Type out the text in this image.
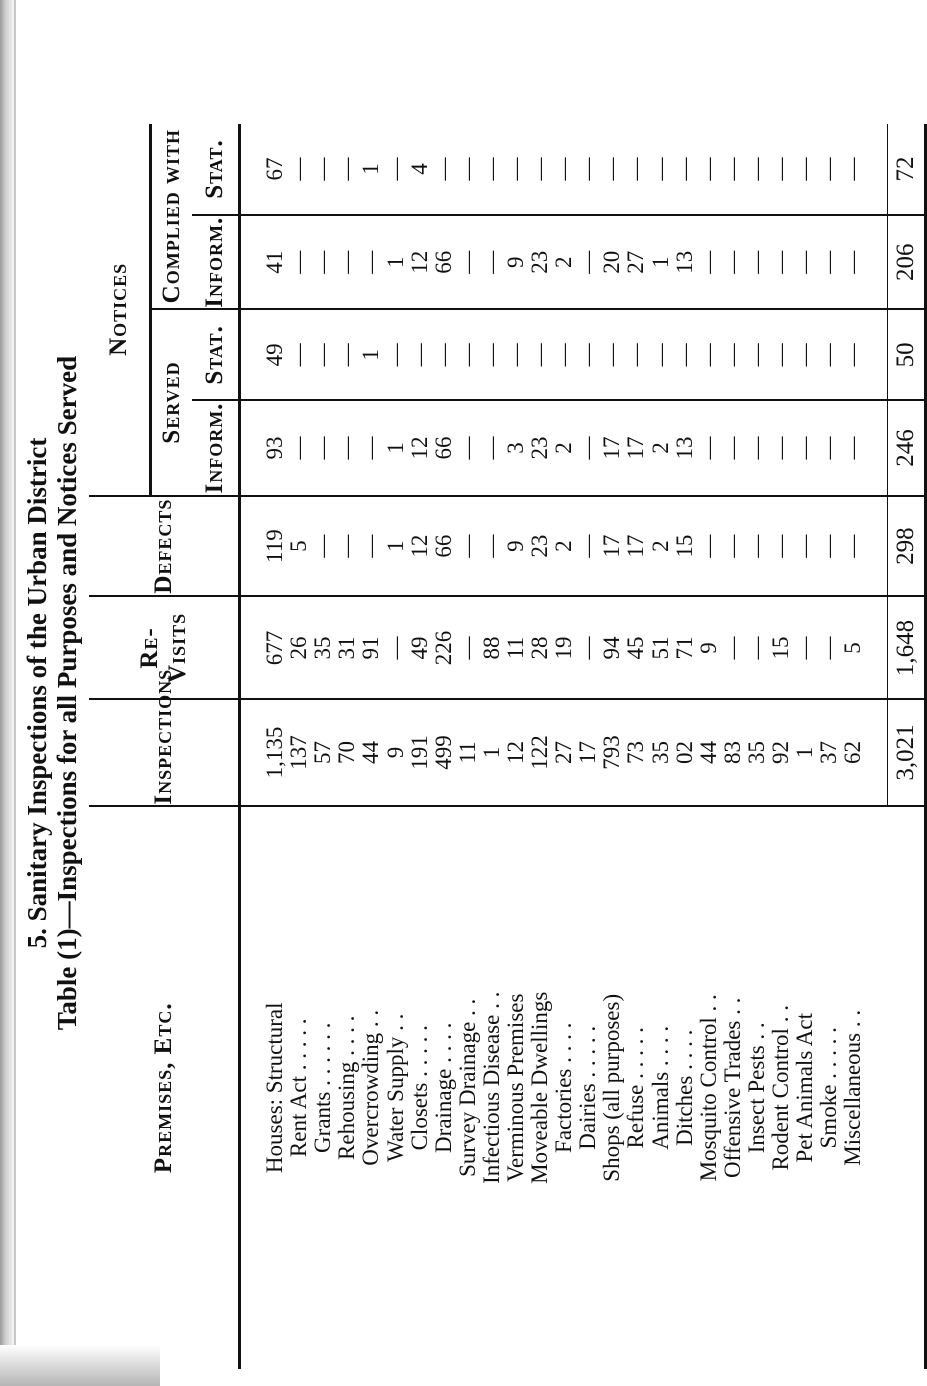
5. Sanitary Inspections of the Urban District Table (1)—Inspections for all Purposes and Notices Served
Premises, Etc.	Inspections	Re-Visits	Defects	Notices			
				Served		Complied with	
				Inform.	Stat.	Inform.	Stat.

Houses: Structural	1,135	677	119	93	49	41	67
Rent Act . . . . .	137	26	5	—	—	—	—
Grants . . . . . .	57	35	—	—	—	—	—
Rehousing . . . .	70	31	—	—	—	—	—
Overcrowding . .	44	91	—	—	1	—	1
Water Supply . .	9	—	1	1	—	1	—
Closets . . . . .	191	49	12	12	—	12	4
Drainage . . . .	499	226	66	66	—	66	—
Survey Drainage . .	11	—	—	—	—	—	—
Infectious Disease . .	1	88	—	—	—	—	—
Verminous Premises	12	11	9	3	—	9	—
Moveable Dwellings	122	28	23	23	—	23	—
Factories . . . .	27	19	2	2	—	2	—
Dairies . . . . .	17	—	—	—	—	—	—
Shops (all purposes)	793	94	17	17	—	20	—
Refuse . . . . .	73	45	17	17	—	27	—
Animals . . . .	35	51	2	2	—	1	—
Ditches . . . .	02	71	15	13	—	13	—
Mosquito Control . .	44	9	—	—	—	—	—
Offensive Trades . .	83	—	—	—	—	—	—
Insect Pests . .	35	—	—	—	—	—	—
Rodent Control . .	92	15	—	—	—	—	—
Pet Animals Act	1	—	—	—	—	—	—
Smoke . . . . .	37	—	—	—	—	—	—
Miscellaneous . .	62	5	—	—	—	—	—

	3,021	1,648	298	246	50	206	72
